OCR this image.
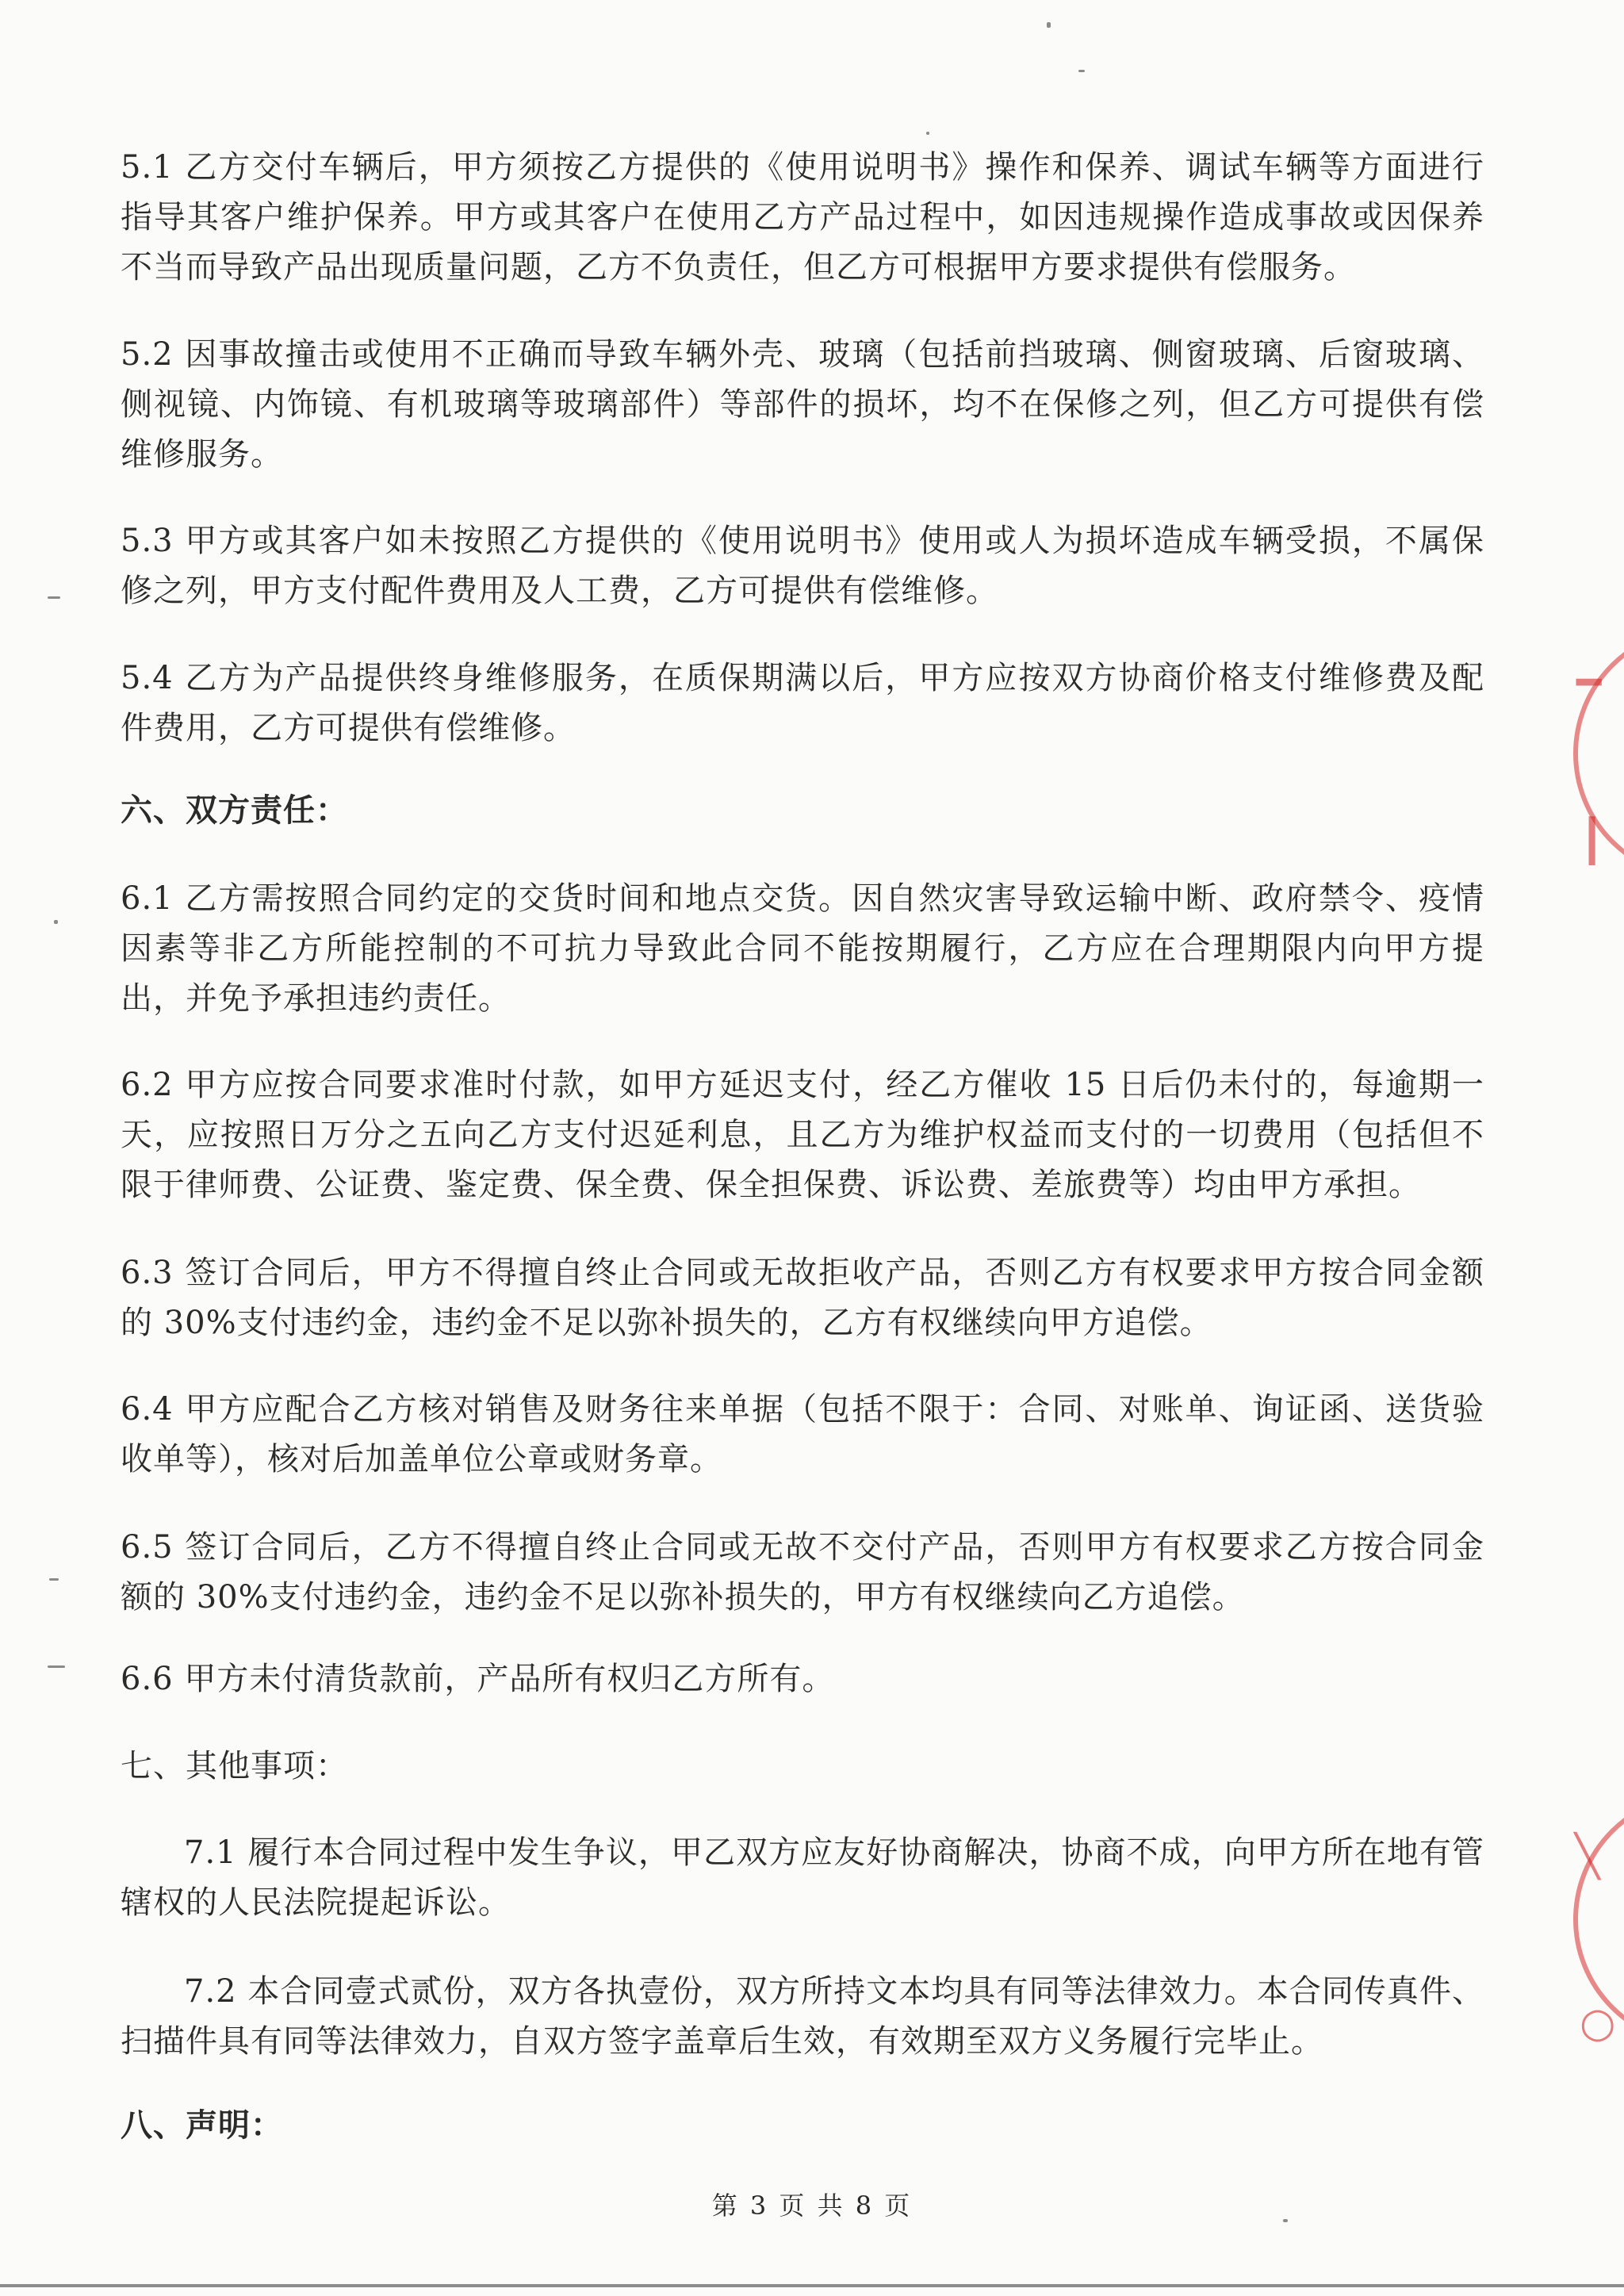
5.1 乙方交付车辆后，甲方须按乙方提供的《使用说明书》操作和保养、调试车辆等方面进行指导其客户维护保养。甲方或其客户在使用乙方产品过程中，如因违规操作造成事故或因保养不当而导致产品出现质量问题，乙方不负责任，但乙方可根据甲方要求提供有偿服务。

5.2 因事故撞击或使用不正确而导致车辆外壳、玻璃（包括前挡玻璃、侧窗玻璃、后窗玻璃、侧视镜、内饰镜、有机玻璃等玻璃部件）等部件的损坏，均不在保修之列，但乙方可提供有偿维修服务。

5.3 甲方或其客户如未按照乙方提供的《使用说明书》使用或人为损坏造成车辆受损，不属保修之列，甲方支付配件费用及人工费，乙方可提供有偿维修。

5.4 乙方为产品提供终身维修服务，在质保期满以后，甲方应按双方协商价格支付维修费及配件费用，乙方可提供有偿维修。

六、双方责任：

6.1 乙方需按照合同约定的交货时间和地点交货。因自然灾害导致运输中断、政府禁令、疫情因素等非乙方所能控制的不可抗力导致此合同不能按期履行，乙方应在合理期限内向甲方提出，并免予承担违约责任。

6.2 甲方应按合同要求准时付款，如甲方延迟支付，经乙方催收 15 日后仍未付的，每逾期一天，应按照日万分之五向乙方支付迟延利息，且乙方为维护权益而支付的一切费用（包括但不限于律师费、公证费、鉴定费、保全费、保全担保费、诉讼费、差旅费等）均由甲方承担。

6.3 签订合同后，甲方不得擅自终止合同或无故拒收产品，否则乙方有权要求甲方按合同金额的 30%支付违约金，违约金不足以弥补损失的，乙方有权继续向甲方追偿。

6.4 甲方应配合乙方核对销售及财务往来单据（包括不限于：合同、对账单、询证函、送货验收单等），核对后加盖单位公章或财务章。

6.5 签订合同后，乙方不得擅自终止合同或无故不交付产品，否则甲方有权要求乙方按合同金额的 30%支付违约金，违约金不足以弥补损失的，甲方有权继续向乙方追偿。

6.6 甲方未付清货款前，产品所有权归乙方所有。

七、其他事项：

7.1 履行本合同过程中发生争议，甲乙双方应友好协商解决，协商不成，向甲方所在地有管辖权的人民法院提起诉讼。

7.2 本合同壹式贰份，双方各执壹份，双方所持文本均具有同等法律效力。本合同传真件、扫描件具有同等法律效力，自双方签字盖章后生效，有效期至双方义务履行完毕止。

八、声明：

第 3 页 共 8 页
━
┃
╲
○
